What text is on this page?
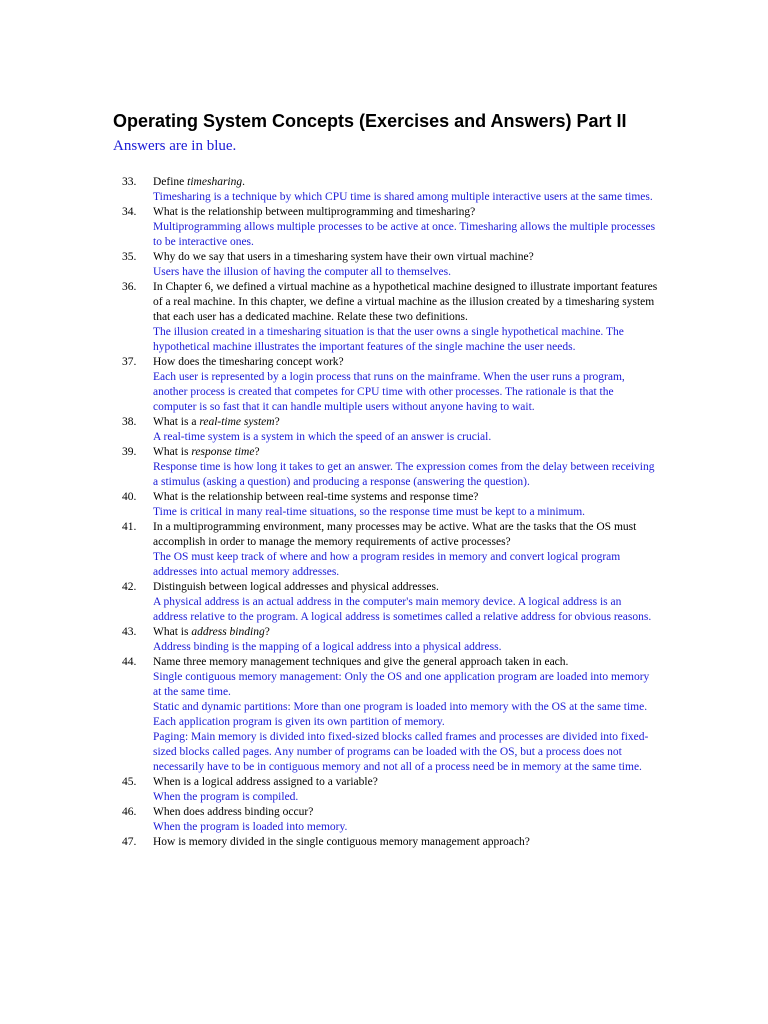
Operating System Concepts (Exercises and Answers) Part II
Answers are in blue.
33.	Define timesharing.
Timesharing is a technique by which CPU time is shared among multiple interactive users at the same times.
34.	What is the relationship between multiprogramming and timesharing?
Multiprogramming allows multiple processes to be active at once. Timesharing allows the multiple processes to be interactive ones.
35.	Why do we say that users in a timesharing system have their own virtual machine?
Users have the illusion of having the computer all to themselves.
36.	In Chapter 6, we defined a virtual machine as a hypothetical machine designed to illustrate important features of a real machine. In this chapter, we define a virtual machine as the illusion created by a timesharing system that each user has a dedicated machine. Relate these two definitions.
The illusion created in a timesharing situation is that the user owns a single hypothetical machine. The hypothetical machine illustrates the important features of the single machine the user needs.
37.	How does the timesharing concept work?
Each user is represented by a login process that runs on the mainframe. When the user runs a program, another process is created that competes for CPU time with other processes. The rationale is that the computer is so fast that it can handle multiple users without anyone having to wait.
38.	What is a real-time system?
A real-time system is a system in which the speed of an answer is crucial.
39.	What is response time?
Response time is how long it takes to get an answer. The expression comes from the delay between receiving a stimulus (asking a question) and producing a response (answering the question).
40.	What is the relationship between real-time systems and response time?
Time is critical in many real-time situations, so the response time must be kept to a minimum.
41.	In a multiprogramming environment, many processes may be active. What are the tasks that the OS must accomplish in order to manage the memory requirements of active processes?
The OS must keep track of where and how a program resides in memory and convert logical program addresses into actual memory addresses.
42.	Distinguish between logical addresses and physical addresses.
A physical address is an actual address in the computer's main memory device. A logical address is an address relative to the program. A logical address is sometimes called a relative address for obvious reasons.
43.	What is address binding?
Address binding is the mapping of a logical address into a physical address.
44.	Name three memory management techniques and give the general approach taken in each.
Single contiguous memory management: Only the OS and one application program are loaded into memory at the same time.
Static and dynamic partitions: More than one program is loaded into memory with the OS at the same time. Each application program is given its own partition of memory.
Paging: Main memory is divided into fixed-sized blocks called frames and processes are divided into fixed-sized blocks called pages. Any number of programs can be loaded with the OS, but a process does not necessarily have to be in contiguous memory and not all of a process need be in memory at the same time.
45.	When is a logical address assigned to a variable?
When the program is compiled.
46.	When does address binding occur?
When the program is loaded into memory.
47.	How is memory divided in the single contiguous memory management approach?
